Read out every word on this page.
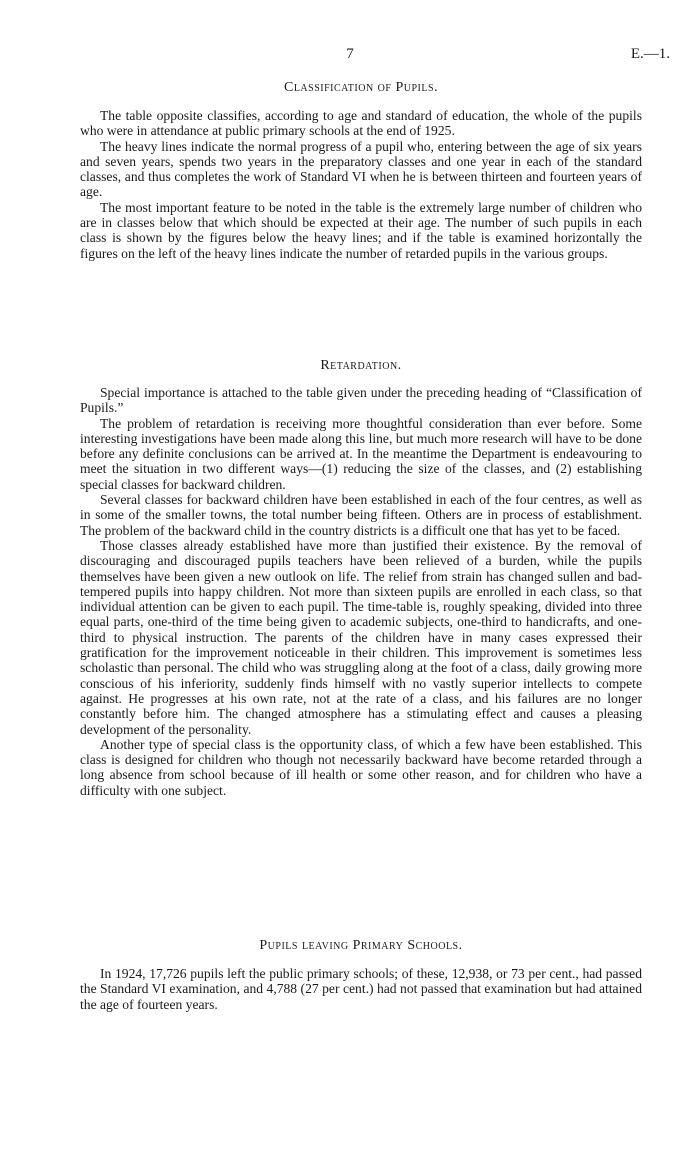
7	E.—1.
Classification of Pupils.

The table opposite classifies, according to age and standard of education, the whole of the pupils who were in attendance at public primary schools at the end of 1925.

The heavy lines indicate the normal progress of a pupil who, entering between the age of six years and seven years, spends two years in the preparatory classes and one year in each of the standard classes, and thus completes the work of Standard VI when he is between thirteen and fourteen years of age.

The most important feature to be noted in the table is the extremely large number of children who are in classes below that which should be expected at their age. The number of such pupils in each class is shown by the figures below the heavy lines; and if the table is examined horizontally the figures on the left of the heavy lines indicate the number of retarded pupils in the various groups.

Retardation.

Special importance is attached to the table given under the preceding heading of “Classification of Pupils.”

The problem of retardation is receiving more thoughtful consideration than ever before. Some interesting investigations have been made along this line, but much more research will have to be done before any definite conclusions can be arrived at. In the meantime the Department is endeavouring to meet the situation in two different ways—(1) reducing the size of the classes, and (2) establishing special classes for backward children.

Several classes for backward children have been established in each of the four centres, as well as in some of the smaller towns, the total number being fifteen. Others are in process of establishment. The problem of the backward child in the country districts is a difficult one that has yet to be faced.

Those classes already established have more than justified their existence. By the removal of discouraging and discouraged pupils teachers have been relieved of a burden, while the pupils themselves have been given a new outlook on life. The relief from strain has changed sullen and bad-tempered pupils into happy children. Not more than sixteen pupils are enrolled in each class, so that individual attention can be given to each pupil. The time-table is, roughly speaking, divided into three equal parts, one-third of the time being given to academic subjects, one-third to handicrafts, and one-third to physical instruction. The parents of the children have in many cases expressed their gratification for the improvement noticeable in their children. This improvement is sometimes less scholastic than personal. The child who was struggling along at the foot of a class, daily growing more conscious of his inferiority, suddenly finds himself with no vastly superior intellects to compete against. He progresses at his own rate, not at the rate of a class, and his failures are no longer constantly before him. The changed atmosphere has a stimulating effect and causes a pleasing development of the personality.

Another type of special class is the opportunity class, of which a few have been established. This class is designed for children who though not necessarily backward have become retarded through a long absence from school because of ill health or some other reason, and for children who have a difficulty with one subject.

Pupils leaving Primary Schools.

In 1924, 17,726 pupils left the public primary schools; of these, 12,938, or 73 per cent., had passed the Standard VI examination, and 4,788 (27 per cent.) had not passed that examination but had attained the age of fourteen years.
